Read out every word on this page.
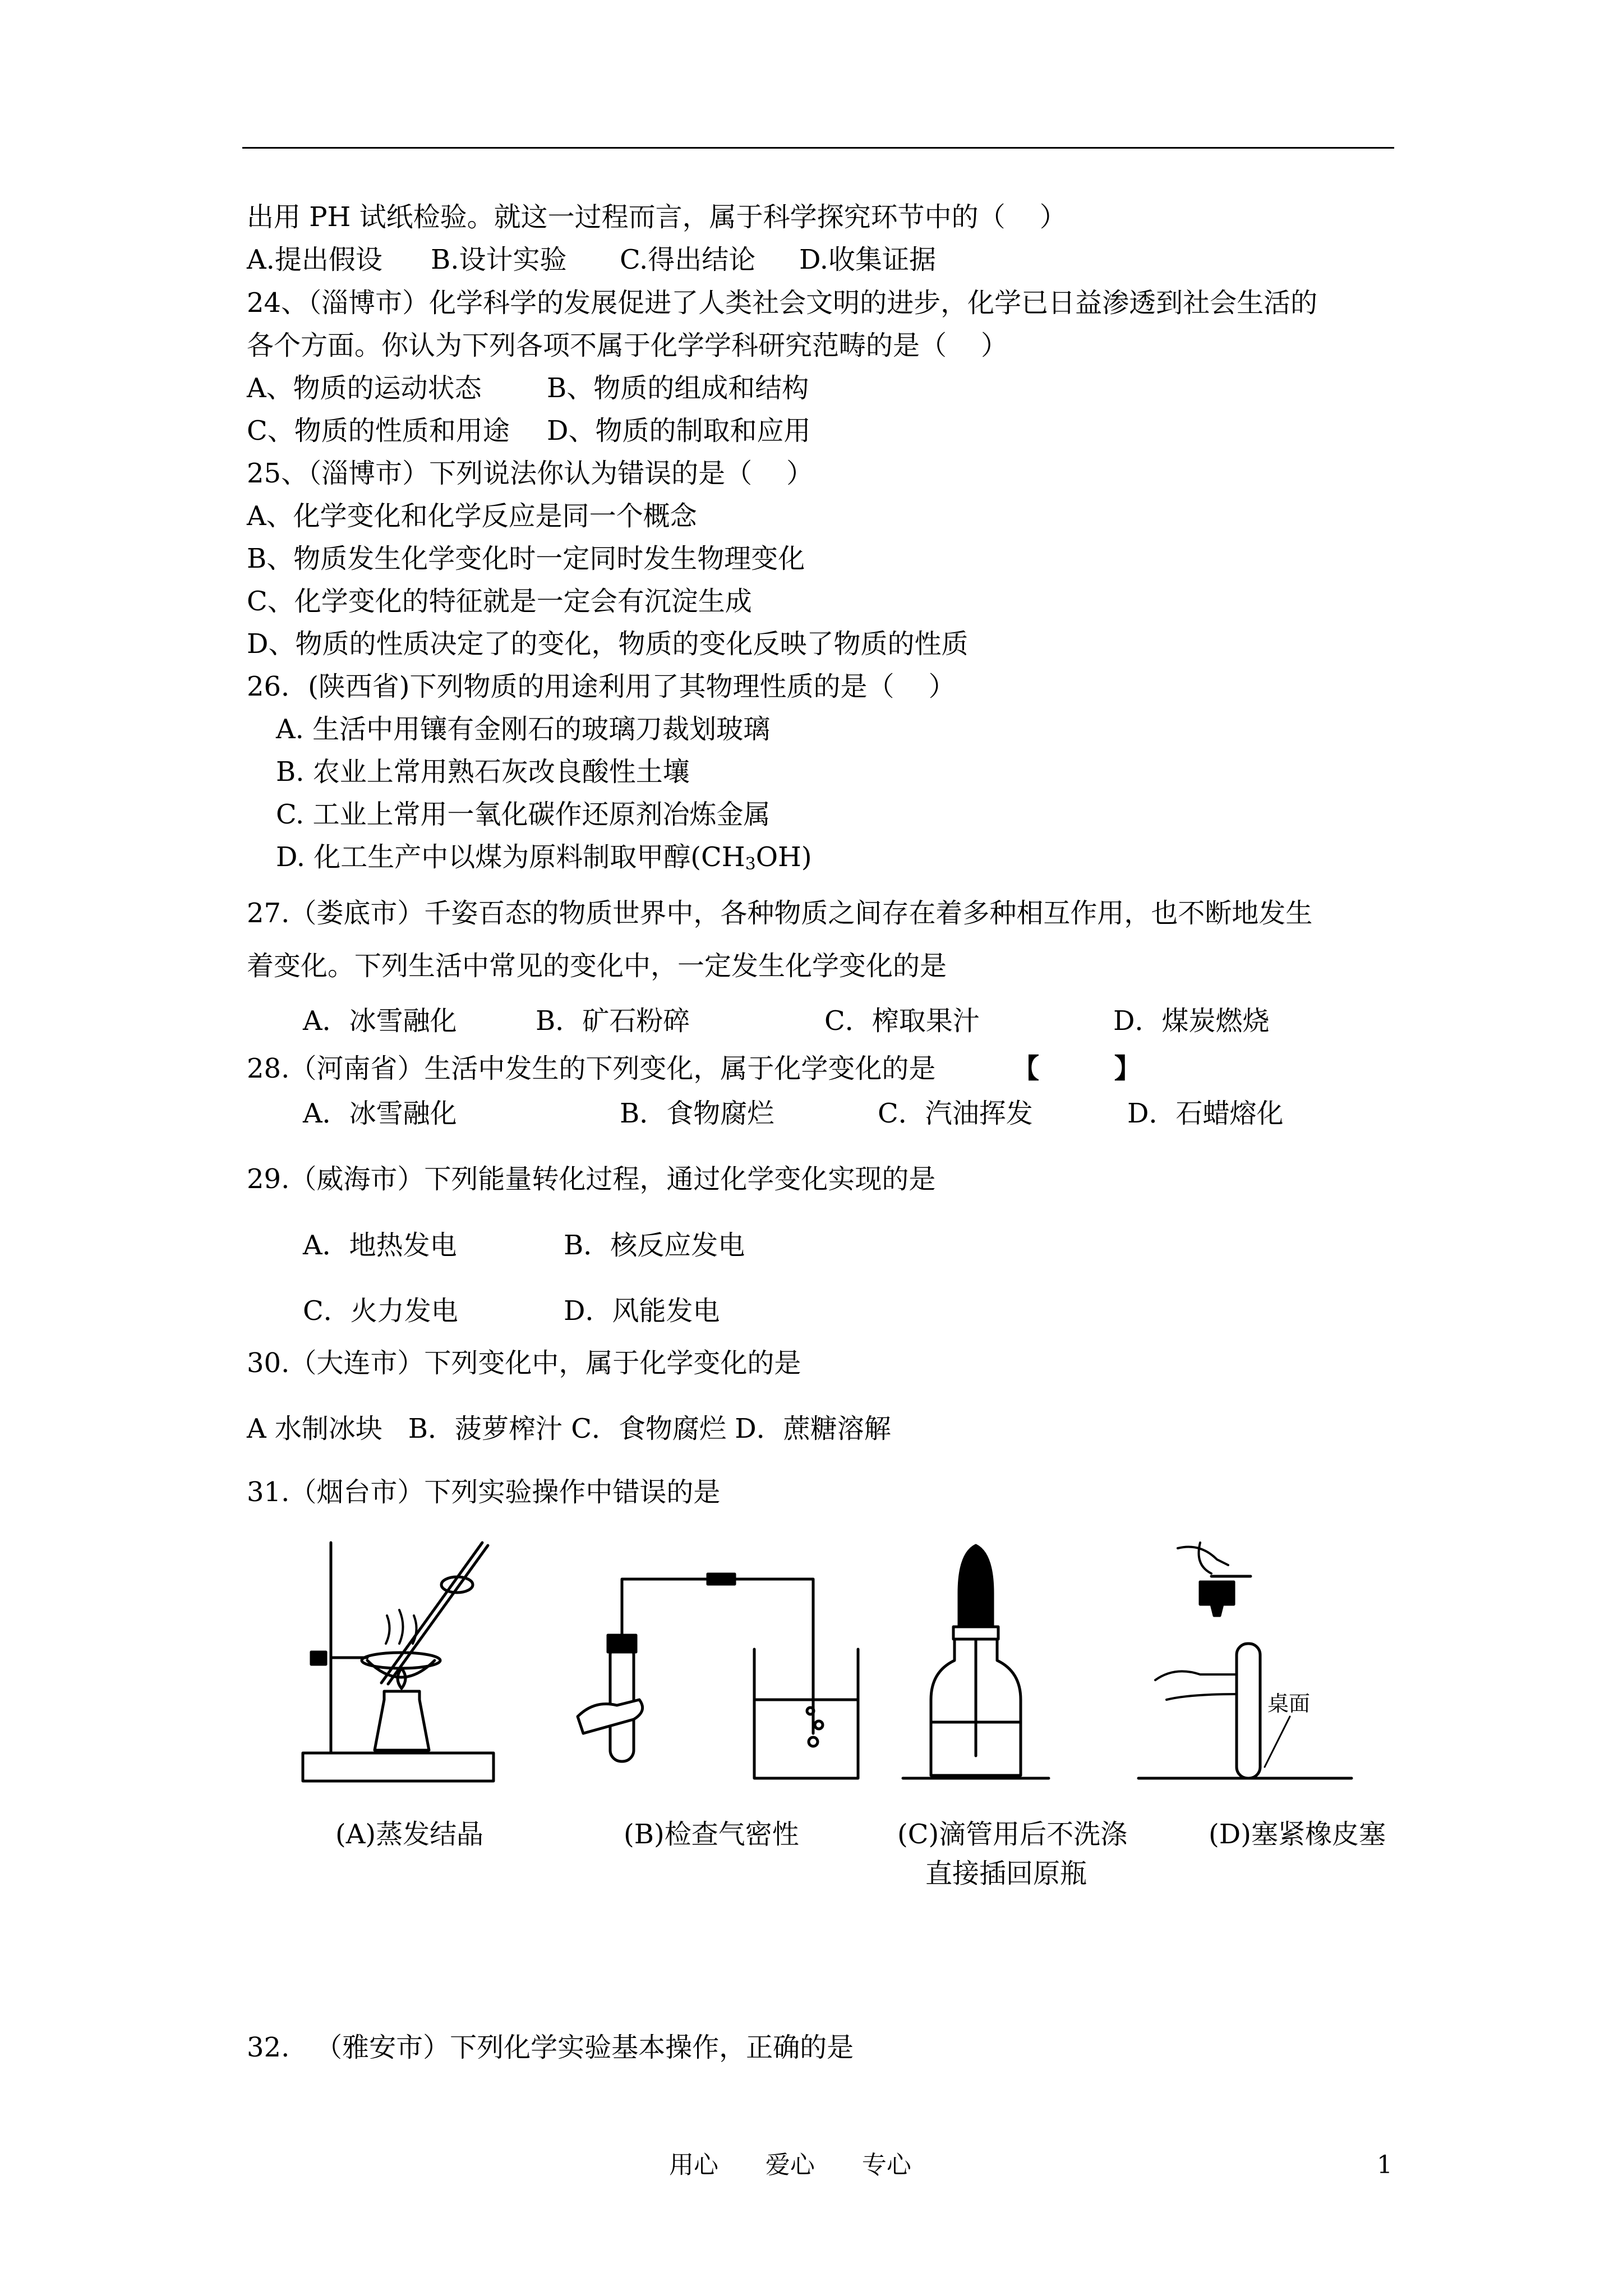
出用 PH 试纸检验。就这一过程而言，属于科学探究环节中的（    ）
A.提出假设 B.设计实验 C.得出结论 D.收集证据
24、（淄博市）化学科学的发展促进了人类社会文明的进步，化学已日益渗透到社会生活的
各个方面。你认为下列各项不属于化学学科研究范畴的是（    ）
A、物质的运动状态 B、物质的组成和结构
C、物质的性质和用途 D、物质的制取和应用
25、（淄博市）下列说法你认为错误的是（    ）
A、化学变化和化学反应是同一个概念
B、物质发生化学变化时一定同时发生物理变化
C、化学变化的特征就是一定会有沉淀生成
D、物质的性质决定了的变化，物质的变化反映了物质的性质
26．(陕西省)下列物质的用途利用了其物理性质的是（    ）
A. 生活中用镶有金刚石的玻璃刀裁划玻璃
B. 农业上常用熟石灰改良酸性土壤
C. 工业上常用一氧化碳作还原剂冶炼金属
D. 化工生产中以煤为原料制取甲醇$(CH_3OH)$
27.（娄底市）千姿百态的物质世界中，各种物质之间存在着多种相互作用，也不断地发生
着变化。下列生活中常见的变化中，一定发生化学变化的是
A．冰雪融化	B．矿石粉碎	C．榨取果汁	D．煤炭燃烧
28.（河南省）生活中发生的下列变化，属于化学变化的是	【        】
A．冰雪融化	B．食物腐烂	C．汽油挥发	D．石蜡熔化
29.（威海市）下列能量转化过程，通过化学变化实现的是
A．地热发电	B．核反应发电
C．火力发电	D．风能发电
30.（大连市）下列变化中，属于化学变化的是
A 水制冰块   B．菠萝榨汁 C．食物腐烂 D．蔗糖溶解
31.（烟台市）下列实验操作中错误的是
桌面
(A)蒸发结晶	(B)检查气密性	(C)滴管用后不洗涤
直接插回原瓶
(D)塞紧橡皮塞
32.   （雅安市）下列化学实验基本操作，正确的是
用心      爱心      专心	1
